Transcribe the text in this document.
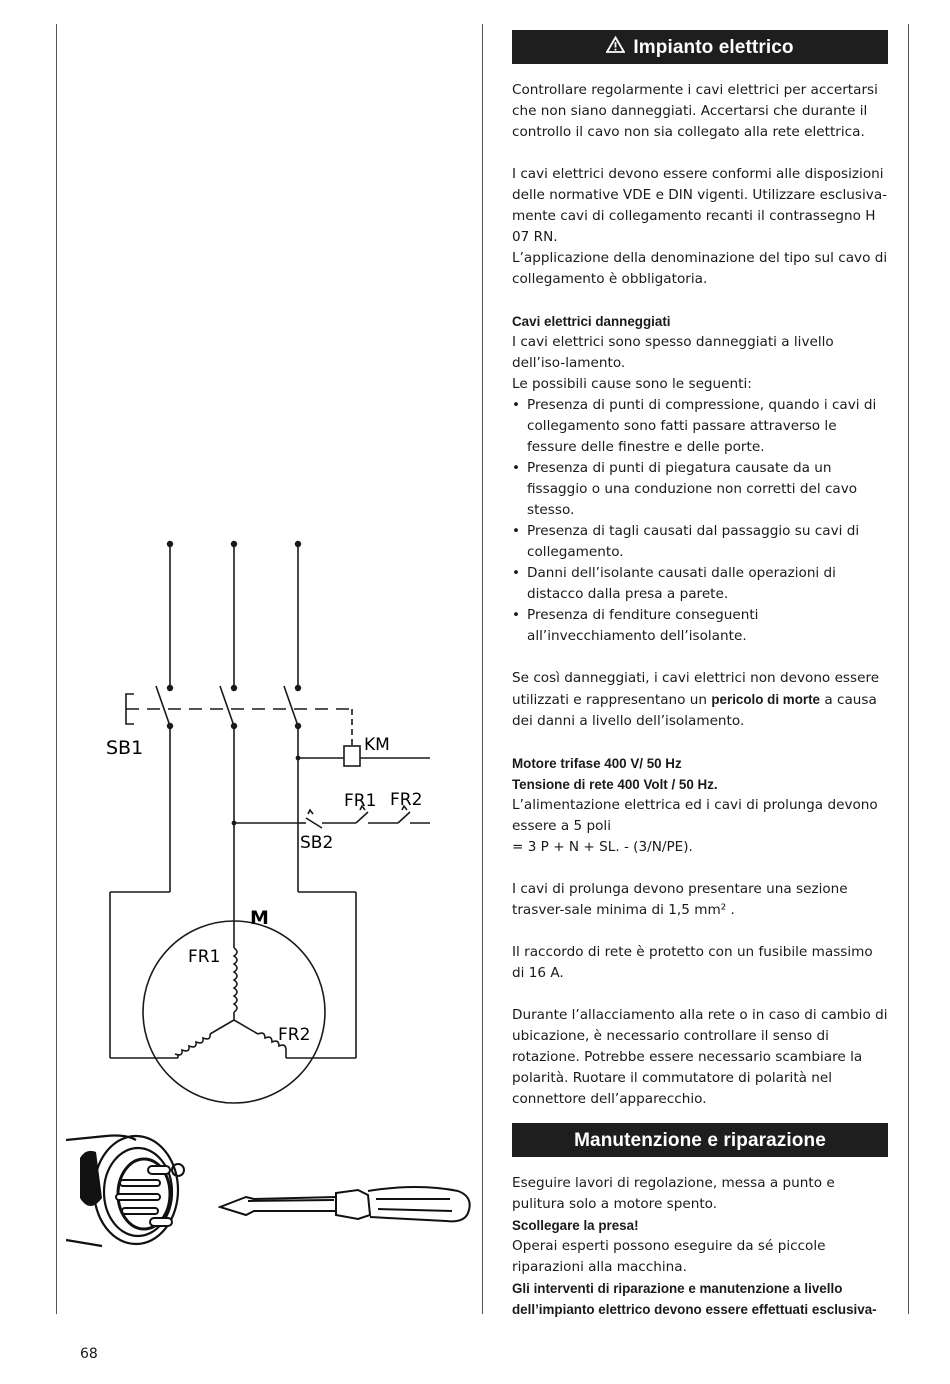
SB1	KM
FR1 FR2
SB2
M
FR1
FR2
Impianto elettrico

Controllare regolarmente i cavi elettrici per accertarsi che non siano danneggiati. Accertarsi che durante il controllo il cavo non sia collegato alla rete elettrica.

I cavi elettrici devono essere conformi alle disposizioni delle normative VDE e DIN vigenti. Utilizzare esclusiva-mente cavi di collegamento recanti il contrassegno H 07 RN.

L’applicazione della denominazione del tipo sul cavo di collegamento è obbligatoria.

Cavi elettrici danneggiati

I cavi elettrici sono spesso danneggiati a livello dell’iso-lamento.

Le possibili cause sono le seguenti:

• Presenza di punti di compressione, quando i cavi di collegamento sono fatti passare attraverso le fessure delle finestre e delle porte.
• Presenza di punti di piegatura causate da un fissaggio o una conduzione non corretti del cavo stesso.
• Presenza di tagli causati dal passaggio su cavi di collegamento.
• Danni dell’isolante causati dalle operazioni di distacco dalla presa a parete.
• Presenza di fenditure conseguenti all’invecchiamento dell’isolante.

Se così danneggiati, i cavi elettrici non devono essere utilizzati e rappresentano un pericolo di morte a causa dei danni a livello dell’isolamento.

Motore trifase 400 V/ 50 Hz

Tensione di rete 400 Volt / 50 Hz.

L’alimentazione elettrica ed i cavi di prolunga devono essere a 5 poli

= 3 P + N + SL. - (3/N/PE).

I cavi di prolunga devono presentare una sezione trasver-sale minima di 1,5 mm² .

Il raccordo di rete è protetto con un fusibile massimo di 16 A.

Durante l’allacciamento alla rete o in caso di cambio di ubicazione, è necessario controllare il senso di rotazione. Potrebbe essere necessario scambiare la polarità. Ruotare il commutatore di polarità nel connettore dell’apparecchio.

Manutenzione e riparazione

Eseguire lavori di regolazione, messa a punto e pulitura solo a motore spento.

Scollegare la presa!

Operai esperti possono eseguire da sé piccole riparazioni alla macchina.

Gli interventi di riparazione e manutenzione a livello dell’impianto elettrico devono essere effettuati esclusiva-

68
